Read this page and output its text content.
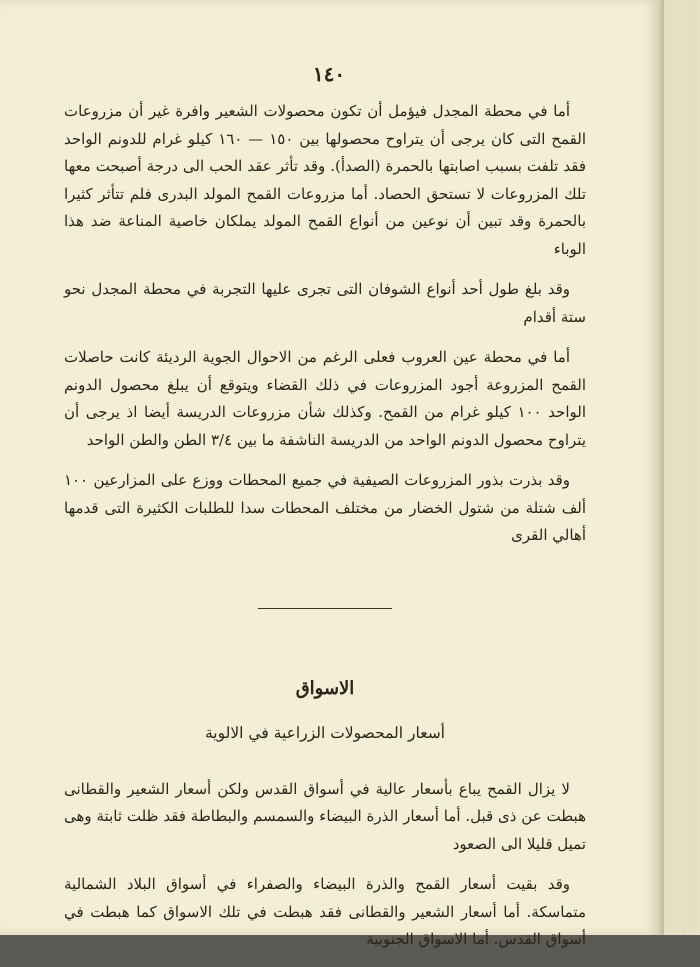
١٤٠

أما في محطة المجدل فيؤمل أن تكون محصولات الشعير وافرة غير أن مزروعات القمح التى كان يرجى أن يتراوح محصولها بين ١٥٠ — ١٦٠ كيلو غرام للدونم الواحد فقد تلفت بسبب اصابتها بالحمرة (الصدأ). وقد تأثر عقد الحب الى درجة أصبحت معها تلك المزروعات لا تستحق الحصاد. أما مزروعات القمح المولد البدرى فلم تتأثر كثيرا بالحمرة وقد تبين أن نوعين من أنواع القمح المولد يملكان خاصية المناعة ضد هذا الوباء

وقد بلغ طول أحد أنواع الشوفان التى تجرى عليها التجربة في محطة المجدل نحو ستة أقدام

أما في محطة عين العروب فعلى الرغم من الاحوال الجوية الرديئة كانت حاصلات القمح المزروعة أجود المزروعات في ذلك القضاء ويتوقع أن يبلغ محصول الدونم الواحد ١٠٠ كيلو غرام من القمح. وكذلك شأن مزروعات الدريسة أيضا اذ يرجى أن يتراوح محصول الدونم الواحد من الدريسة الناشفة ما بين ٣/٤ الطن والطن الواحد

وقد بذرت بذور المزروعات الصيفية في جميع المحطات ووزع على المزارعين ١٠٠ ألف شتلة من شتول الخضار من مختلف المحطات سدا للطلبات الكثيرة التى قدمها أهالي القرى

الاسواق

أسعار المحصولات الزراعية في الالوية

لا يزال القمح يباع بأسعار عالية في أسواق القدس ولكن أسعار الشعير والقطانى هبطت عن ذى قبل. أما أسعار الذرة البيضاء والسمسم والبطاطة فقد ظلت ثابتة وهى تميل قليلا الى الصعود

وقد بقيت أسعار القمح والذرة البيضاء والصفراء في أسواق البلاد الشمالية متماسكة. أما أسعار الشعير والقطانى فقد هبطت في تلك الاسواق كما هبطت في أسواق القدس. أما الاسواق الجنوبية
